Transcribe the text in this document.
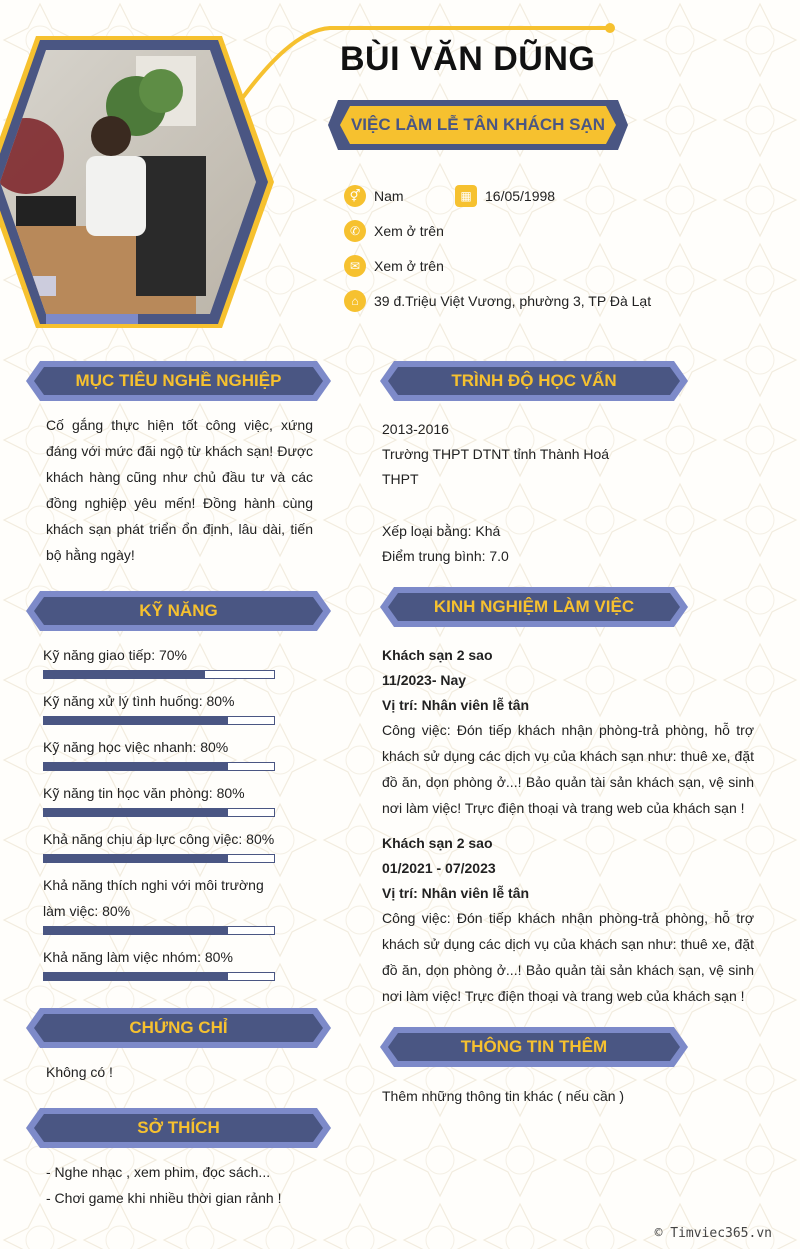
BÙI VĂN DŨNG
VIỆC LÀM LỄ TÂN KHÁCH SẠN
⚥ Nam	▦ 16/05/1998
✆ Xem ở trên
✉ Xem ở trên
⌂	39 đ.Triệu Việt Vương, phường 3, TP Đà Lạt
MỤC TIÊU NGHỀ NGHIỆP
Cố gắng thực hiện tốt công việc, xứng đáng với mức đãi ngộ từ khách sạn! Được khách hàng cũng như chủ đầu tư và các đồng nghiệp yêu mến! Đồng hành cùng khách sạn phát triển ổn định, lâu dài, tiến bộ hằng ngày!
KỸ NĂNG
Kỹ năng giao tiếp: 70%
Kỹ năng xử lý tình huống: 80%
Kỹ năng học việc nhanh: 80%
Kỹ năng tin học văn phòng: 80%
Khả năng chịu áp lực công việc: 80%
Khả năng thích nghi với môi trường làm việc: 80%
Khả năng làm việc nhóm: 80%
CHỨNG CHỈ
Không có !
SỞ THÍCH
- Nghe nhạc , xem phim, đọc sách...
- Chơi game khi nhiều thời gian rảnh !
TRÌNH ĐỘ HỌC VẤN
2013-2016
Trường THPT DTNT tỉnh Thành Hoá
THPT
Xếp loại bằng: Khá
Điểm trung bình: 7.0
KINH NGHIỆM LÀM VIỆC
Khách sạn 2 sao
11/2023- Nay
Vị trí: Nhân viên lễ tân
Công việc: Đón tiếp khách nhận phòng-trả phòng, hỗ trợ khách sử dụng các dịch vụ của khách sạn như: thuê xe, đặt đồ ăn, dọn phòng ở...! Bảo quản tài sản khách sạn, vệ sinh nơi làm việc! Trực điện thoại và trang web của khách sạn !
Khách sạn 2 sao
01/2021 - 07/2023
Vị trí: Nhân viên lễ tân
Công việc: Đón tiếp khách nhận phòng-trả phòng, hỗ trợ khách sử dụng các dịch vụ của khách sạn như: thuê xe, đặt đồ ăn, dọn phòng ở...! Bảo quản tài sản khách sạn, vệ sinh nơi làm việc! Trực điện thoại và trang web của khách sạn !
THÔNG TIN THÊM
Thêm những thông tin khác ( nếu cần )
© Timviec365.vn
